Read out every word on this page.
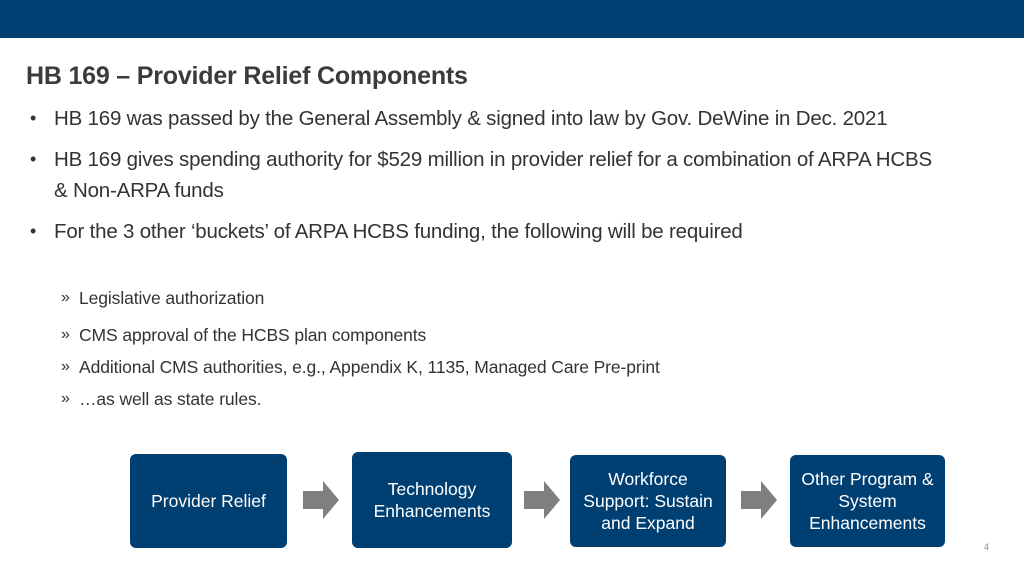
HB 169 – Provider Relief Components
• HB 169 was passed by the General Assembly & signed into law by Gov. DeWine in Dec. 2021
• HB 169 gives spending authority for $529 million in provider relief for a combination of ARPA HCBS & Non-ARPA funds
• For the 3 other ‘buckets’ of ARPA HCBS funding, the following will be required
» Legislative authorization
» CMS approval of the HCBS plan components
» Additional CMS authorities, e.g., Appendix K, 1135, Managed Care Pre-print
» …as well as state rules.
Provider Relief
Technology Enhancements
Workforce Support: Sustain and Expand
Other Program & System Enhancements
4
